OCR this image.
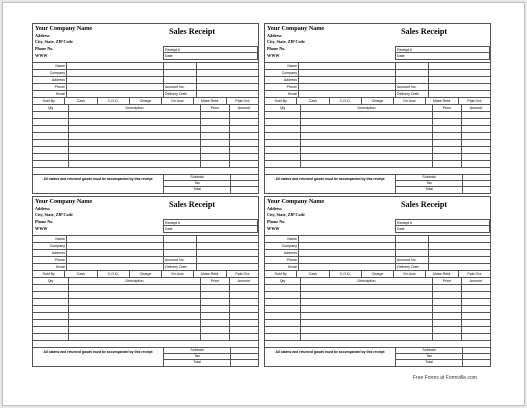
Your Company Name
Address
City, State, ZIP Code
Phone No.
WWW
Sales Receipt
Receipt #
Date
Name
Company
Address
Phone	Account No.
Email	Delivery Date
Sold By	Cash	C.O.D.	Charge	On Acct.	Mdse Retd.	Paid Out
Qty	Description	Price	Amount
All claims and returned goods must be accompanied by this receipt	Subtotal
Tax
Total
Your Company Name
Address
City, State, ZIP Code
Phone No.
WWW
Sales Receipt
Receipt #
Date
Name
Company
Address
Phone	Account No.
Email	Delivery Date
Sold By	Cash	C.O.D.	Charge	On Acct.	Mdse Retd.	Paid Out
Qty	Description	Price	Amount
All claims and returned goods must be accompanied by this receipt	Subtotal
Tax
Total
Your Company Name
Address
City, State, ZIP Code
Phone No.
WWW
Sales Receipt
Receipt #
Date
Name
Company
Address
Phone	Account No.
Email	Delivery Date
Sold By	Cash	C.O.D.	Charge	On Acct.	Mdse Retd.	Paid Out
Qty	Description	Price	Amount
All claims and returned goods must be accompanied by this receipt	Subtotal
Tax
Total
Your Company Name
Address
City, State, ZIP Code
Phone No.
WWW
Sales Receipt
Receipt #
Date
Name
Company
Address
Phone	Account No.
Email	Delivery Date
Sold By	Cash	C.O.D.	Charge	On Acct.	Mdse Retd.	Paid Out
Qty	Description	Price	Amount
All claims and returned goods must be accompanied by this receipt	Subtotal
Tax
Total
Free Forms at Formville.com
